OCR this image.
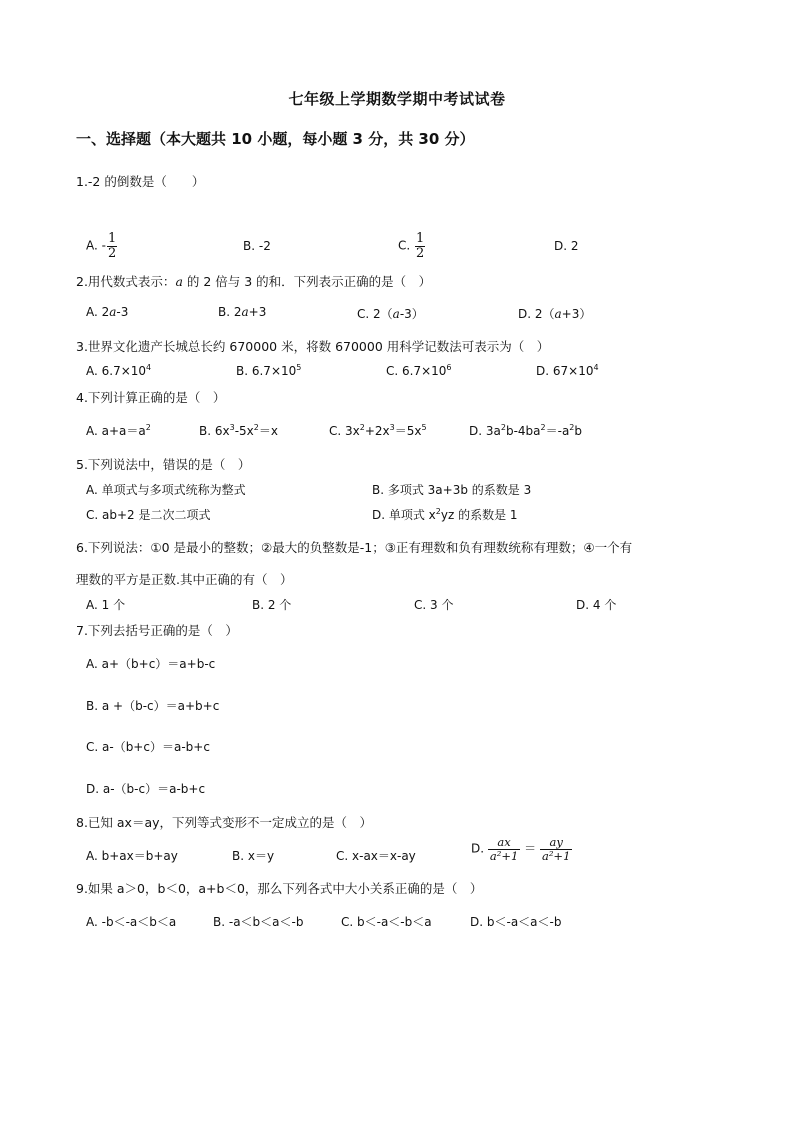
七年级上学期数学期中考试试卷
一、选择题（本大题共 10 小题，每小题 3 分，共 30 分）
1.-2 的倒数是（　　）
A. - $\frac{1}{2}$	B. -2	C. $\frac{1}{2}$	D. 2
2.用代数式表示：a 的 2 倍与 3 的和．下列表示正确的是（　）
A. 2a-3	B. 2a+3	C. 2（a-3）	D. 2（a+3）
3.世界文化遗产长城总长约 670000 米，将数 670000 用科学记数法可表示为（　）
A. $6.7\times 10^4$	B. $6.7\times 10^5$	C. $6.7\times 10^6$	D. $67\times 10^4$
4.下列计算正确的是（　）
A. $a+a=a^2$	B. $6x^3-5x^2=x$	C. $3x^2+2x^3=5x^5$	D. $3a^2b-4ba^2=-a^2b$
5.下列说法中，错误的是（　）
A. 单项式与多项式统称为整式	B. 多项式 3a+3b 的系数是 3
C. ab+2 是二次二项式	D. 单项式 $x^2yz$ 的系数是 1
6.下列说法：①0 是最小的整数；②最大的负整数是-1；③正有理数和负有理数统称有理数；④一个有
理数的平方是正数.其中正确的有（　）
A. 1 个	B. 2 个	C. 3 个	D. 4 个
7.下列去括号正确的是（　）
A. a+（b+c）＝a+b-c
B. a +（b-c）＝a+b+c
C. a-（b+c）＝a-b+c
D. a-（b-c）＝a-b+c
8.已知 ax＝ay，下列等式变形不一定成立的是（　）
A. b+ax＝b+ay	B. x＝y	C. x-ax＝x-ay
D. $\frac{ax}{\text{a²+1}} = \frac{ay}{\text{a²+1}}$
9.如果 a＞0，b＜0，a+b＜0，那么下列各式中大小关系正确的是（　）
A. -b＜-a＜b＜a	B. -a＜b＜a＜-b	C. b＜-a＜-b＜a	D. b＜-a＜a＜-b
